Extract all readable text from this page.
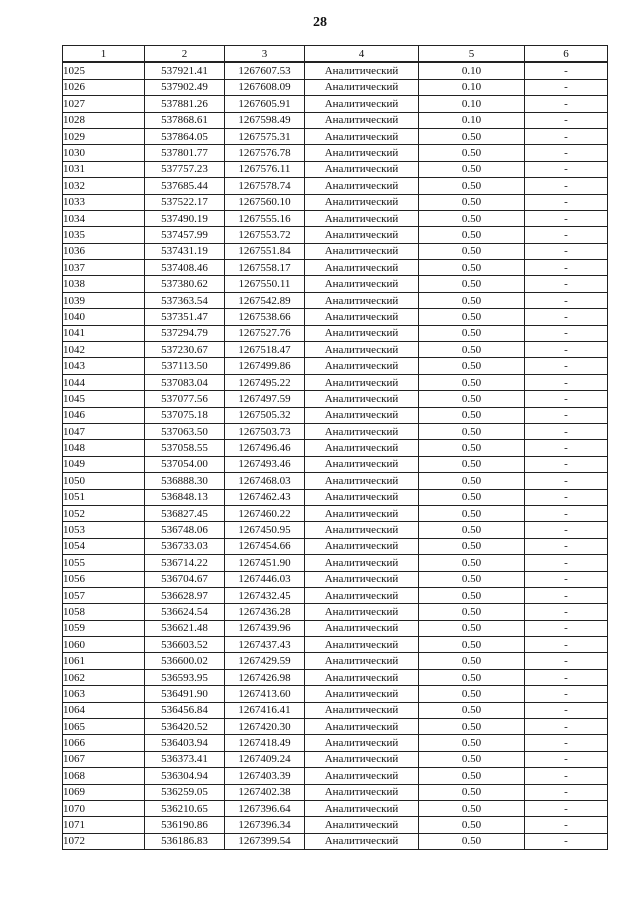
28
1	2	3	4	5	6
1025	537921.41	1267607.53	Аналитический	0.10	-
1026	537902.49	1267608.09	Аналитический	0.10	-
1027	537881.26	1267605.91	Аналитический	0.10	-
1028	537868.61	1267598.49	Аналитический	0.10	-
1029	537864.05	1267575.31	Аналитический	0.50	-
1030	537801.77	1267576.78	Аналитический	0.50	-
1031	537757.23	1267576.11	Аналитический	0.50	-
1032	537685.44	1267578.74	Аналитический	0.50	-
1033	537522.17	1267560.10	Аналитический	0.50	-
1034	537490.19	1267555.16	Аналитический	0.50	-
1035	537457.99	1267553.72	Аналитический	0.50	-
1036	537431.19	1267551.84	Аналитический	0.50	-
1037	537408.46	1267558.17	Аналитический	0.50	-
1038	537380.62	1267550.11	Аналитический	0.50	-
1039	537363.54	1267542.89	Аналитический	0.50	-
1040	537351.47	1267538.66	Аналитический	0.50	-
1041	537294.79	1267527.76	Аналитический	0.50	-
1042	537230.67	1267518.47	Аналитический	0.50	-
1043	537113.50	1267499.86	Аналитический	0.50	-
1044	537083.04	1267495.22	Аналитический	0.50	-
1045	537077.56	1267497.59	Аналитический	0.50	-
1046	537075.18	1267505.32	Аналитический	0.50	-
1047	537063.50	1267503.73	Аналитический	0.50	-
1048	537058.55	1267496.46	Аналитический	0.50	-
1049	537054.00	1267493.46	Аналитический	0.50	-
1050	536888.30	1267468.03	Аналитический	0.50	-
1051	536848.13	1267462.43	Аналитический	0.50	-
1052	536827.45	1267460.22	Аналитический	0.50	-
1053	536748.06	1267450.95	Аналитический	0.50	-
1054	536733.03	1267454.66	Аналитический	0.50	-
1055	536714.22	1267451.90	Аналитический	0.50	-
1056	536704.67	1267446.03	Аналитический	0.50	-
1057	536628.97	1267432.45	Аналитический	0.50	-
1058	536624.54	1267436.28	Аналитический	0.50	-
1059	536621.48	1267439.96	Аналитический	0.50	-
1060	536603.52	1267437.43	Аналитический	0.50	-
1061	536600.02	1267429.59	Аналитический	0.50	-
1062	536593.95	1267426.98	Аналитический	0.50	-
1063	536491.90	1267413.60	Аналитический	0.50	-
1064	536456.84	1267416.41	Аналитический	0.50	-
1065	536420.52	1267420.30	Аналитический	0.50	-
1066	536403.94	1267418.49	Аналитический	0.50	-
1067	536373.41	1267409.24	Аналитический	0.50	-
1068	536304.94	1267403.39	Аналитический	0.50	-
1069	536259.05	1267402.38	Аналитический	0.50	-
1070	536210.65	1267396.64	Аналитический	0.50	-
1071	536190.86	1267396.34	Аналитический	0.50	-
1072	536186.83	1267399.54	Аналитический	0.50	-
